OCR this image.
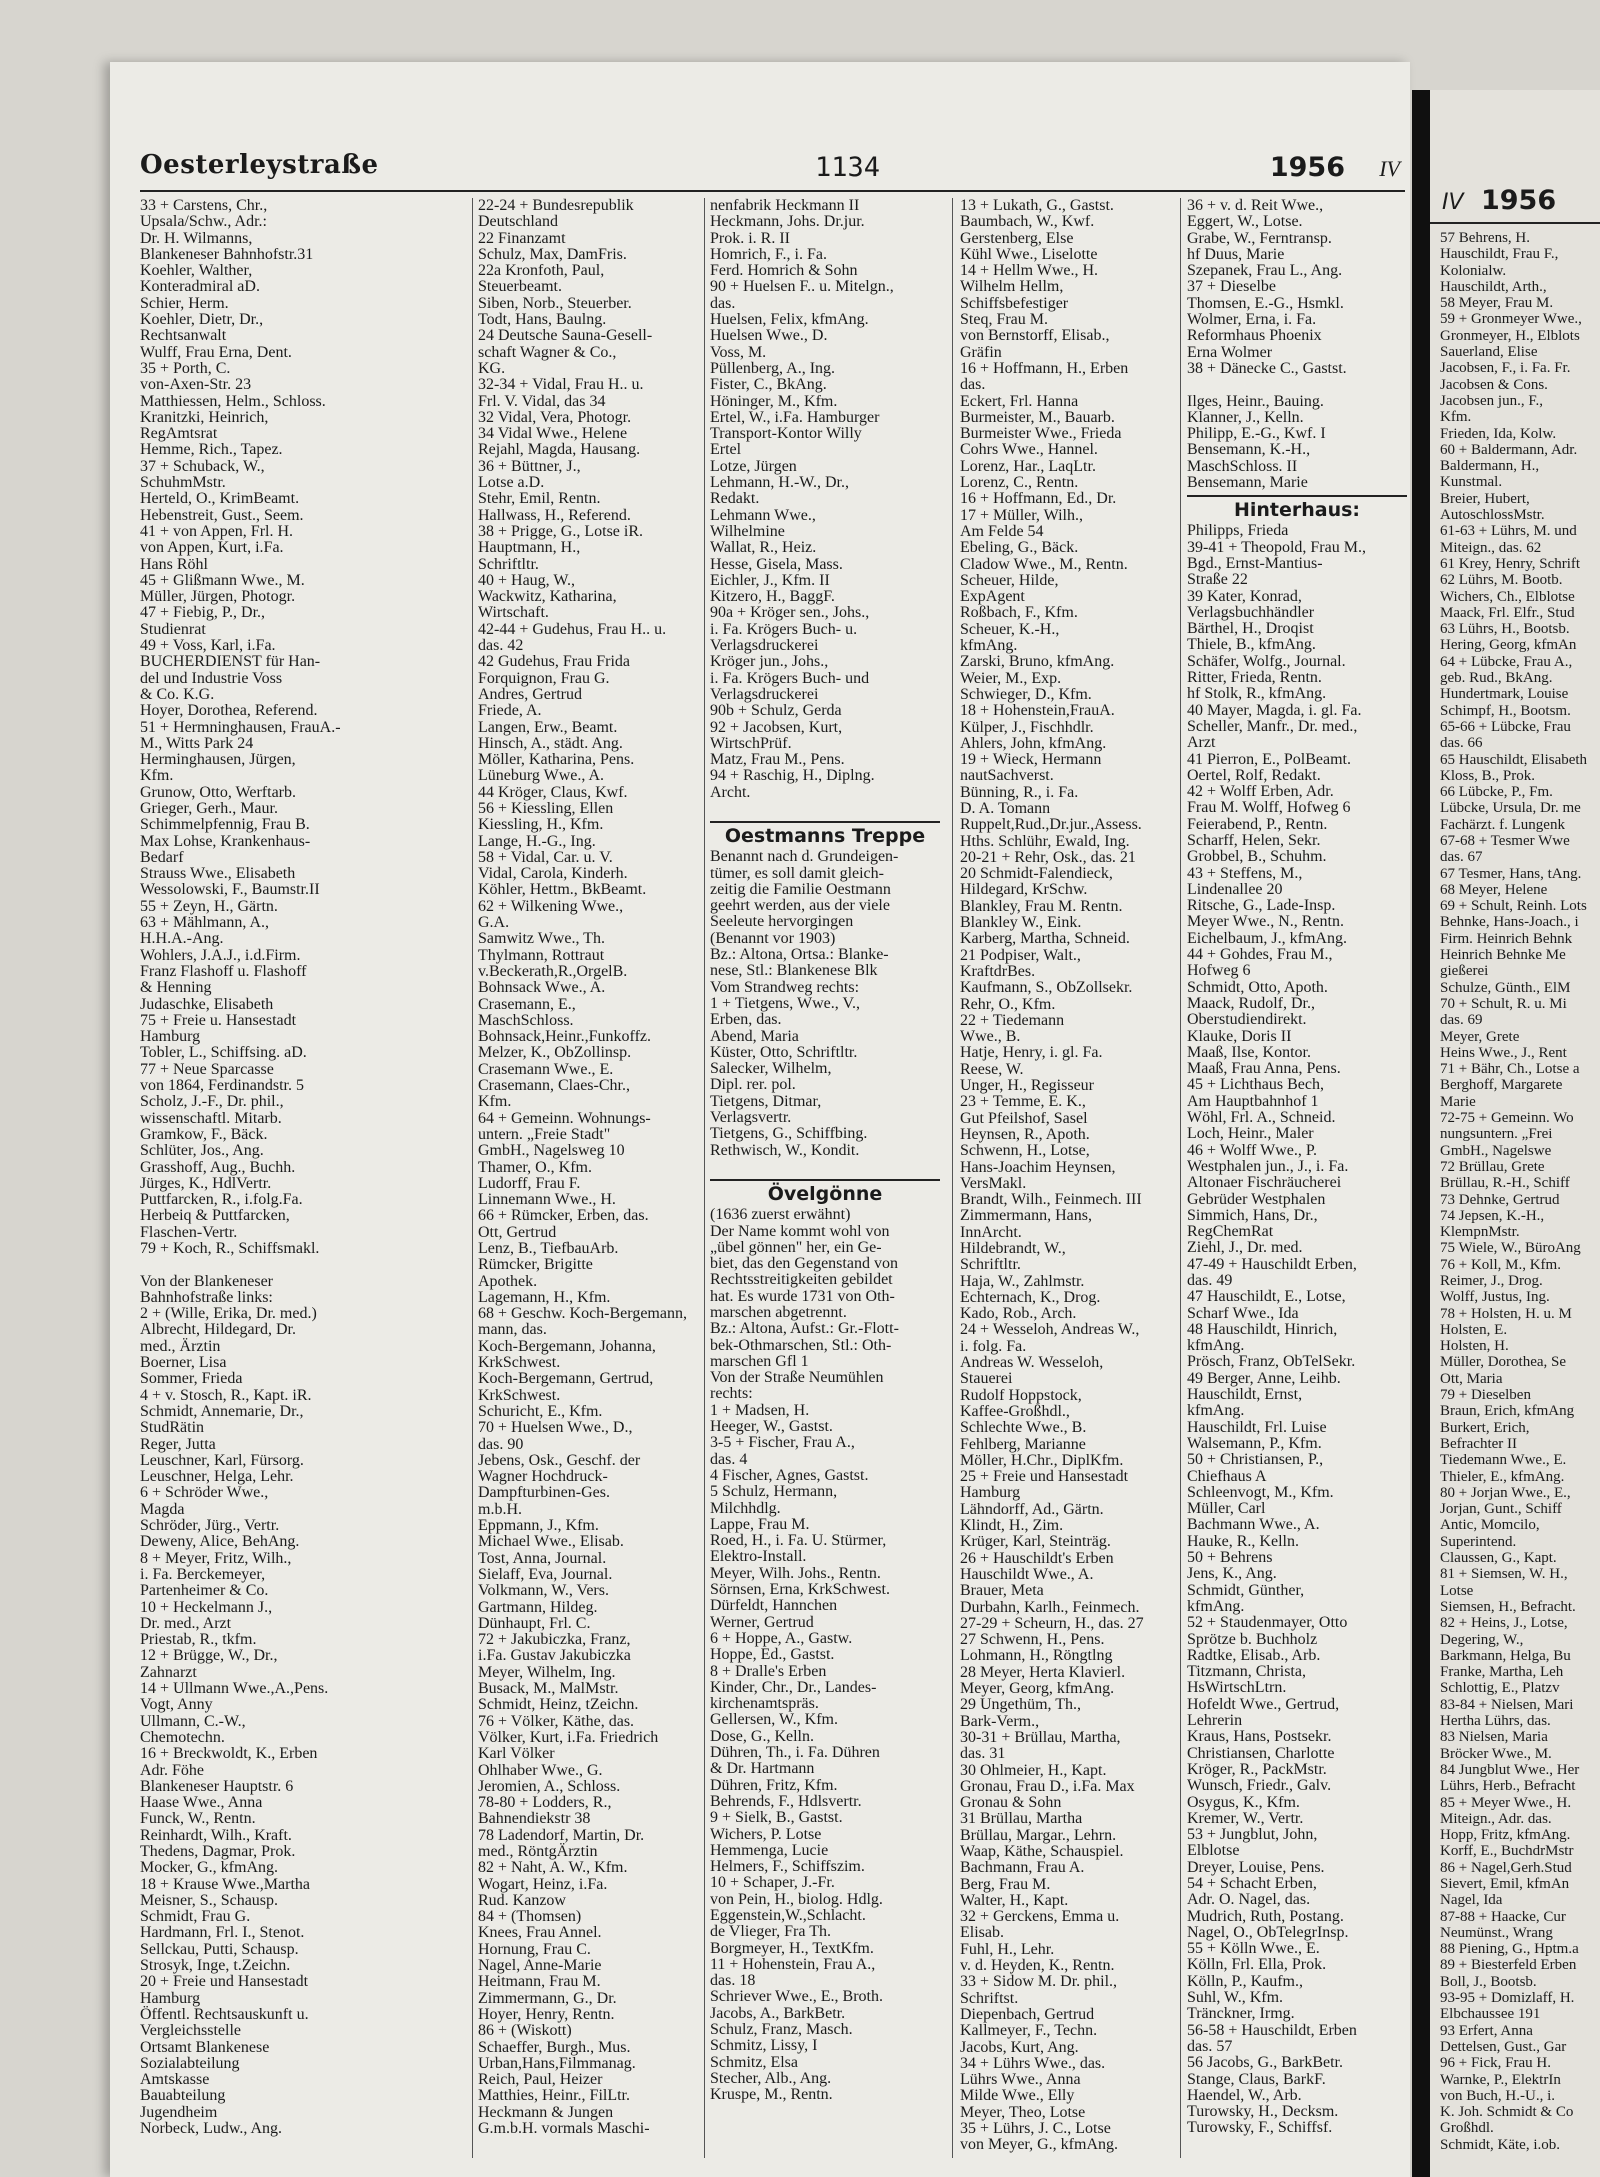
IV 1956
57 Behrens, H.
Hauschildt, Frau F.,
Kolonialw.
Hauschildt, Arth.,
58 Meyer, Frau M.
59 + Gronmeyer Wwe.,
Gronmeyer, H., Elblots
Sauerland, Elise
Jacobsen, F., i. Fa. Fr.
Jacobsen & Cons.
Jacobsen jun., F.,
Kfm.
Frieden, Ida, Kolw.
60 + Baldermann, Adr.
Baldermann, H.,
Kunstmal.
Breier, Hubert,
AutoschlossMstr.
61-63 + Lührs, M. und
Miteign., das. 62
61 Krey, Henry, Schrift
62 Lührs, M. Bootb.
Wichers, Ch., Elblotse
Maack, Frl. Elfr., Stud
63 Lührs, H., Bootsb.
Hering, Georg, kfmAn
64 + Lübcke, Frau A.,
geb. Rud., BkAng.
Hundertmark, Louise
Schimpf, H., Bootsm.
65-66 + Lübcke, Frau
das. 66
65 Hauschildt, Elisabeth
Kloss, B., Prok.
66 Lübcke, P., Fm.
Lübcke, Ursula, Dr. me
Fachärzt. f. Lungenk
67-68 + Tesmer Wwe
das. 67
67 Tesmer, Hans, tAng.
68 Meyer, Helene
69 + Schult, Reinh. Lots
Behnke, Hans-Joach., i
Firm. Heinrich Behnk
Heinrich Behnke Me
gießerei
Schulze, Günth., ElM
70 + Schult, R. u. Mi
das. 69
Meyer, Grete
Heins Wwe., J., Rent
71 + Bähr, Ch., Lotse a
Berghoff, Margarete
Marie
72-75 + Gemeinn. Wo
nungsuntern. „Frei
GmbH., Nagelswe
72 Brüllau, Grete
Brüllau, R.-H., Schiff
73 Dehnke, Gertrud
74 Jepsen, K.-H.,
KlempnMstr.
75 Wiele, W., BüroAng
76 + Koll, M., Kfm.
Reimer, J., Drog.
Wolff, Justus, Ing.
78 + Holsten, H. u. M
Holsten, E.
Holsten, H.
Müller, Dorothea, Se
Ott, Maria
79 + Dieselben
Braun, Erich, kfmAng
Burkert, Erich,
Befrachter II
Tiedemann Wwe., E.
Thieler, E., kfmAng.
80 + Jorjan Wwe., E.,
Jorjan, Gunt., Schiff
Antic, Momcilo,
Superintend.
Claussen, G., Kapt.
81 + Siemsen, W. H.,
Lotse
Siemsen, H., Befracht.
82 + Heins, J., Lotse,
Degering, W.,
Barkmann, Helga, Bu
Franke, Martha, Leh
Schlottig, E., Platzv
83-84 + Nielsen, Mari
Hertha Lührs, das.
83 Nielsen, Maria
Bröcker Wwe., M.
84 Jungblut Wwe., Her
Lührs, Herb., Befracht
85 + Meyer Wwe., H.
Miteign., Adr. das.
Hopp, Fritz, kfmAng.
Korff, E., BuchdrMstr
86 + Nagel,Gerh.Stud
Sievert, Emil, kfmAn
Nagel, Ida
87-88 + Haacke, Cur
Neumünst., Wrang
88 Piening, G., Hptm.a
89 + Biesterfeld Erben
Boll, J., Bootsb.
93-95 + Domizlaff, H.
Elbchaussee 191
93 Erfert, Anna
Dettelsen, Gust., Gar
96 + Fick, Frau H.
Warnke, P., ElektrIn
von Buch, H.-U., i.
K. Joh. Schmidt & Co
Großhdl.
Schmidt, Käte, i.ob.
Oesterleystraße	1134	1956 IV
33 + Carstens, Chr.,
Upsala/Schw., Adr.:
Dr. H. Wilmanns,
Blankeneser Bahnhofstr.31
Koehler, Walther,
Konteradmiral aD.
Schier, Herm.
Koehler, Dietr, Dr.,
Rechtsanwalt
Wulff, Frau Erna, Dent.
35 + Porth, C.
von-Axen-Str. 23
Matthiessen, Helm., Schloss.
Kranitzki, Heinrich,
RegAmtsrat
Hemme, Rich., Tapez.
37 + Schuback, W.,
SchuhmMstr.
Herteld, O., KrimBeamt.
Hebenstreit, Gust., Seem.
41 + von Appen, Frl. H.
von Appen, Kurt, i.Fa.
Hans Röhl
45 + Glißmann Wwe., M.
Müller, Jürgen, Photogr.
47 + Fiebig, P., Dr.,
Studienrat
49 + Voss, Karl, i.Fa.
BUCHERDIENST für Han-
del und Industrie Voss
& Co. K.G.
Hoyer, Dorothea, Referend.
51 + Hermninghausen, FrauA.-
M., Witts Park 24
Herminghausen, Jürgen,
Kfm.
Grunow, Otto, Werftarb.
Grieger, Gerh., Maur.
Schimmelpfennig, Frau B.
Max Lohse, Krankenhaus-
Bedarf
Strauss Wwe., Elisabeth
Wessolowski, F., Baumstr.II
55 + Zeyn, H., Gärtn.
63 + Mählmann, A.,
H.H.A.-Ang.
Wohlers, J.A.J., i.d.Firm.
Franz Flashoff u. Flashoff
& Henning
Judaschke, Elisabeth
75 + Freie u. Hansestadt
Hamburg
Tobler, L., Schiffsing. aD.
77 + Neue Sparcasse
von 1864, Ferdinandstr. 5
Scholz, J.-F., Dr. phil.,
wissenschaftl. Mitarb.
Gramkow, F., Bäck.
Schlüter, Jos., Ang.
Grasshoff, Aug., Buchh.
Jürges, K., HdlVertr.
Puttfarcken, R., i.folg.Fa.
Herbeiq & Puttfarcken,
Flaschen-Vertr.
79 + Koch, R., Schiffsmakl.

Von der Blankeneser
Bahnhofstraße links:
2 + (Wille, Erika, Dr. med.)
Albrecht, Hildegard, Dr.
med., Ärztin
Boerner, Lisa
Sommer, Frieda
4 + v. Stosch, R., Kapt. iR.
Schmidt, Annemarie, Dr.,
StudRätin
Reger, Jutta
Leuschner, Karl, Fürsorg.
Leuschner, Helga, Lehr.
6 + Schröder Wwe.,
Magda
Schröder, Jürg., Vertr.
Deweny, Alice, BehAng.
8 + Meyer, Fritz, Wilh.,
i. Fa. Berckemeyer,
Partenheimer & Co.
10 + Heckelmann J.,
Dr. med., Arzt
Priestab, R., tkfm.
12 + Brügge, W., Dr.,
Zahnarzt
14 + Ullmann Wwe.,A.,Pens.
Vogt, Anny
Ullmann, C.-W.,
Chemotechn.
16 + Breckwoldt, K., Erben
Adr. Föhe
Blankeneser Hauptstr. 6
Haase Wwe., Anna
Funck, W., Rentn.
Reinhardt, Wilh., Kraft.
Thedens, Dagmar, Prok.
Mocker, G., kfmAng.
18 + Krause Wwe.,Martha
Meisner, S., Schausp.
Schmidt, Frau G.
Hardmann, Frl. I., Stenot.
Sellckau, Putti, Schausp.
Strosyk, Inge, t.Zeichn.
20 + Freie und Hansestadt
Hamburg
Öffentl. Rechtsauskunft u.
Vergleichsstelle
Ortsamt Blankenese
Sozialabteilung
Amtskasse
Bauabteilung
Jugendheim
Norbeck, Ludw., Ang.
22-24 + Bundesrepublik
Deutschland
22 Finanzamt
Schulz, Max, DamFris.
22a Kronfoth, Paul,
Steuerbeamt.
Siben, Norb., Steuerber.
Todt, Hans, Baulng.
24 Deutsche Sauna-Gesell-
schaft Wagner & Co.,
KG.
32-34 + Vidal, Frau H.. u.
Frl. V. Vidal, das 34
32 Vidal, Vera, Photogr.
34 Vidal Wwe., Helene
Rejahl, Magda, Hausang.
36 + Büttner, J.,
Lotse a.D.
Stehr, Emil, Rentn.
Hallwass, H., Referend.
38 + Prigge, G., Lotse iR.
Hauptmann, H.,
Schriftltr.
40 + Haug, W.,
Wackwitz, Katharina,
Wirtschaft.
42-44 + Gudehus, Frau H.. u.
das. 42
42 Gudehus, Frau Frida
Forquignon, Frau G.
Andres, Gertrud
Friede, A.
Langen, Erw., Beamt.
Hinsch, A., städt. Ang.
Möller, Katharina, Pens.
Lüneburg Wwe., A.
44 Kröger, Claus, Kwf.
56 + Kiessling, Ellen
Kiessling, H., Kfm.
Lange, H.-G., Ing.
58 + Vidal, Car. u. V.
Vidal, Carola, Kinderh.
Köhler, Hettm., BkBeamt.
62 + Wilkening Wwe.,
G.A.
Samwitz Wwe., Th.
Thylmann, Rottraut
v.Beckerath,R.,OrgelB.
Bohnsack Wwe., A.
Crasemann, E.,
MaschSchloss.
Bohnsack,Heinr.,Funkoffz.
Melzer, K., ObZollinsp.
Crasemann Wwe., E.
Crasemann, Claes-Chr.,
Kfm.
64 + Gemeinn. Wohnungs-
untern. „Freie Stadt"
GmbH., Nagelsweg 10
Thamer, O., Kfm.
Ludorff, Frau F.
Linnemann Wwe., H.
66 + Rümcker, Erben, das.
Ott, Gertrud
Lenz, B., TiefbauArb.
Rümcker, Brigitte
Apothek.
Lagemann, H., Kfm.
68 + Geschw. Koch-Bergemann,
mann, das.
Koch-Bergemann, Johanna,
KrkSchwest.
Koch-Bergemann, Gertrud,
KrkSchwest.
Schuricht, E., Kfm.
70 + Huelsen Wwe., D.,
das. 90
Jebens, Osk., Geschf. der
Wagner Hochdruck-
Dampfturbinen-Ges.
m.b.H.
Eppmann, J., Kfm.
Michael Wwe., Elisab.
Tost, Anna, Journal.
Sielaff, Eva, Journal.
Volkmann, W., Vers.
Gartmann, Hildeg.
Dünhaupt, Frl. C.
72 + Jakubiczka, Franz,
i.Fa. Gustav Jakubiczka
Meyer, Wilhelm, Ing.
Busack, M., MalMstr.
Schmidt, Heinz, tZeichn.
76 + Völker, Käthe, das.
Völker, Kurt, i.Fa. Friedrich
Karl Völker
Ohlhaber Wwe., G.
Jeromien, A., Schloss.
78-80 + Lodders, R.,
Bahnendiekstr 38
78 Ladendorf, Martin, Dr.
med., RöntgÄrztin
82 + Naht, A. W., Kfm.
Wogart, Heinz, i.Fa.
Rud. Kanzow
84 + (Thomsen)
Knees, Frau Annel.
Hornung, Frau C.
Nagel, Anne-Marie
Heitmann, Frau M.
Zimmermann, G., Dr.
Hoyer, Henry, Rentn.
86 + (Wiskott)
Schaeffer, Burgh., Mus.
Urban,Hans,Filmmanag.
Reich, Paul, Heizer
Matthies, Heinr., FilLtr.
Heckmann & Jungen
G.m.b.H. vormals Maschi-
nenfabrik Heckmann II
Heckmann, Johs. Dr.jur.
Prok. i. R. II
Homrich, F., i. Fa.
Ferd. Homrich & Sohn
90 + Huelsen F.. u. Mitelgn.,
das.
Huelsen, Felix, kfmAng.
Huelsen Wwe., D.
Voss, M.
Püllenberg, A., Ing.
Fister, C., BkAng.
Höninger, M., Kfm.
Ertel, W., i.Fa. Hamburger
Transport-Kontor Willy
Ertel
Lotze, Jürgen
Lehmann, H.-W., Dr.,
Redakt.
Lehmann Wwe.,
Wilhelmine
Wallat, R., Heiz.
Hesse, Gisela, Mass.
Eichler, J., Kfm. II
Kitzero, H., BaggF.
90a + Kröger sen., Johs.,
i. Fa. Krögers Buch- u.
Verlagsdruckerei
Kröger jun., Johs.,
i. Fa. Krögers Buch- und
Verlagsdruckerei
90b + Schulz, Gerda
92 + Jacobsen, Kurt,
WirtschPrüf.
Matz, Frau M., Pens.
94 + Raschig, H., Diplng.
Archt.

Oestmanns Treppe
Benannt nach d. Grundeigen-
tümer, es soll damit gleich-
zeitig die Familie Oestmann
geehrt werden, aus der viele
Seeleute hervorgingen
(Benannt vor 1903)
Bz.: Altona, Ortsa.: Blanke-
nese, Stl.: Blankenese Blk
Vom Strandweg rechts:
1 + Tietgens, Wwe., V.,
Erben, das.
Abend, Maria
Küster, Otto, Schriftltr.
Salecker, Wilhelm,
Dipl. rer. pol.
Tietgens, Ditmar,
Verlagsvertr.
Tietgens, G., Schiffbing.
Rethwisch, W., Kondit.

Övelgönne
(1636 zuerst erwähnt)
Der Name kommt wohl von
„übel gönnen" her, ein Ge-
biet, das den Gegenstand von
Rechtsstreitigkeiten gebildet
hat. Es wurde 1731 von Oth-
marschen abgetrennt.
Bz.: Altona, Aufst.: Gr.-Flott-
bek-Othmarschen, Stl.: Oth-
marschen Gfl 1
Von der Straße Neumühlen
rechts:
1 + Madsen, H.
Heeger, W., Gastst.
3-5 + Fischer, Frau A.,
das. 4
4 Fischer, Agnes, Gastst.
5 Schulz, Hermann,
Milchhdlg.
Lappe, Frau M.
Roed, H., i. Fa. U. Stürmer,
Elektro-Install.
Meyer, Wilh. Johs., Rentn.
Sörnsen, Erna, KrkSchwest.
Dürfeldt, Hannchen
Werner, Gertrud
6 + Hoppe, A., Gastw.
Hoppe, Ed., Gastst.
8 + Dralle's Erben
Kinder, Chr., Dr., Landes-
kirchenamtspräs.
Gellersen, W., Kfm.
Dose, G., Kelln.
Dühren, Th., i. Fa. Dühren
& Dr. Hartmann
Dühren, Fritz, Kfm.
Behrends, F., Hdlsvertr.
9 + Sielk, B., Gastst.
Wichers, P. Lotse
Hemmenga, Lucie
Helmers, F., Schiffszim.
10 + Schaper, J.-Fr.
von Pein, H., biolog. Hdlg.
Eggenstein,W.,Schlacht.
de Vlieger, Fra Th.
Borgmeyer, H., TextKfm.
11 + Hohenstein, Frau A.,
das. 18
Schriever Wwe., E., Broth.
Jacobs, A., BarkBetr.
Schulz, Franz, Masch.
Schmitz, Lissy, I
Schmitz, Elsa
Stecher, Alb., Ang.
Kruspe, M., Rentn.
13 + Lukath, G., Gastst.
Baumbach, W., Kwf.
Gerstenberg, Else
Kühl Wwe., Liselotte
14 + Hellm Wwe., H.
Wilhelm Hellm,
Schiffsbefestiger
Steq, Frau M.
von Bernstorff, Elisab.,
Gräfin
16 + Hoffmann, H., Erben
das.
Eckert, Frl. Hanna
Burmeister, M., Bauarb.
Burmeister Wwe., Frieda
Cohrs Wwe., Hannel.
Lorenz, Har., LaqLtr.
Lorenz, C., Rentn.
16 + Hoffmann, Ed., Dr.
17 + Müller, Wilh.,
Am Felde 54
Ebeling, G., Bäck.
Cladow Wwe., M., Rentn.
Scheuer, Hilde,
ExpAgent
Roßbach, F., Kfm.
Scheuer, K.-H.,
kfmAng.
Zarski, Bruno, kfmAng.
Weier, M., Exp.
Schwieger, D., Kfm.
18 + Hohenstein,FrauA.
Külper, J., Fischhdlr.
Ahlers, John, kfmAng.
19 + Wieck, Hermann
nautSachverst.
Bünning, R., i. Fa.
D. A. Tomann
Ruppelt,Rud.,Dr.jur.,Assess.
Hths. Schlühr, Ewald, Ing.
20-21 + Rehr, Osk., das. 21
20 Schmidt-Falendieck,
Hildegard, KrSchw.
Blankley, Frau M. Rentn.
Blankley W., Eink.
Karberg, Martha, Schneid.
21 Podpiser, Walt.,
KraftdrBes.
Kaufmann, S., ObZollsekr.
Rehr, O., Kfm.
22 + Tiedemann
Wwe., B.
Hatje, Henry, i. gl. Fa.
Reese, W.
Unger, H., Regisseur
23 + Temme, E. K.,
Gut Pfeilshof, Sasel
Heynsen, R., Apoth.
Schwenn, H., Lotse,
Hans-Joachim Heynsen,
VersMakl.
Brandt, Wilh., Feinmech. III
Zimmermann, Hans,
InnArcht.
Hildebrandt, W.,
Schriftltr.
Haja, W., Zahlmstr.
Echternach, K., Drog.
Kado, Rob., Arch.
24 + Wesseloh, Andreas W.,
i. folg. Fa.
Andreas W. Wesseloh,
Stauerei
Rudolf Hoppstock,
Kaffee-Großhdl.,
Schlechte Wwe., B.
Fehlberg, Marianne
Möller, H.Chr., DiplKfm.
25 + Freie und Hansestadt
Hamburg
Lähndorff, Ad., Gärtn.
Klindt, H., Zim.
Krüger, Karl, Steinträg.
26 + Hauschildt's Erben
Hauschildt Wwe., A.
Brauer, Meta
Durbahn, Karlh., Feinmech.
27-29 + Scheurn, H., das. 27
27 Schwenn, H., Pens.
Lohmann, H., Röngtlng
28 Meyer, Herta Klavierl.
Meyer, Georg, kfmAng.
29 Ungethüm, Th.,
Bark-Verm.,
30-31 + Brüllau, Martha,
das. 31
30 Ohlmeier, H., Kapt.
Gronau, Frau D., i.Fa. Max
Gronau & Sohn
31 Brüllau, Martha
Brüllau, Margar., Lehrn.
Waap, Käthe, Schauspiel.
Bachmann, Frau A.
Berg, Frau M.
Walter, H., Kapt.
32 + Gerckens, Emma u.
Elisab.
Fuhl, H., Lehr.
v. d. Heyden, K., Rentn.
33 + Sidow M. Dr. phil.,
Schriftst.
Diepenbach, Gertrud
Kallmeyer, F., Techn.
Jacobs, Kurt, Ang.
34 + Lührs Wwe., das.
Lührs Wwe., Anna
Milde Wwe., Elly
Meyer, Theo, Lotse
35 + Lührs, J. C., Lotse
von Meyer, G., kfmAng.
36 + v. d. Reit Wwe.,
Eggert, W., Lotse.
Grabe, W., Ferntransp.
hf Duus, Marie
Szepanek, Frau L., Ang.
37 + Dieselbe
Thomsen, E.-G., Hsmkl.
Wolmer, Erna, i. Fa.
Reformhaus Phoenix
Erna Wolmer
38 + Dänecke C., Gastst.

Ilges, Heinr., Bauing.
Klanner, J., Kelln.
Philipp, E.-G., Kwf. I
Bensemann, K.-H.,
MaschSchloss. II
Bensemann, Marie
Hinterhaus:
Philipps, Frieda
39-41 + Theopold, Frau M.,
Bgd., Ernst-Mantius-
Straße 22
39 Kater, Konrad,
Verlagsbuchhändler
Bärthel, H., Droqist
Thiele, B., kfmAng.
Schäfer, Wolfg., Journal.
Ritter, Frieda, Rentn.
hf Stolk, R., kfmAng.
40 Mayer, Magda, i. gl. Fa.
Scheller, Manfr., Dr. med.,
Arzt
41 Pierron, E., PolBeamt.
Oertel, Rolf, Redakt.
42 + Wolff Erben, Adr.
Frau M. Wolff, Hofweg 6
Feierabend, P., Rentn.
Scharff, Helen, Sekr.
Grobbel, B., Schuhm.
43 + Steffens, M.,
Lindenallee 20
Ritsche, G., Lade-Insp.
Meyer Wwe., N., Rentn.
Eichelbaum, J., kfmAng.
44 + Gohdes, Frau M.,
Hofweg 6
Schmidt, Otto, Apoth.
Maack, Rudolf, Dr.,
Oberstudiendirekt.
Klauke, Doris II
Maaß, Ilse, Kontor.
Maaß, Frau Anna, Pens.
45 + Lichthaus Bech,
Am Hauptbahnhof 1
Wöhl, Frl. A., Schneid.
Loch, Heinr., Maler
46 + Wolff Wwe., P.
Westphalen jun., J., i. Fa.
Altonaer Fischräucherei
Gebrüder Westphalen
Simmich, Hans, Dr.,
RegChemRat
Ziehl, J., Dr. med.
47-49 + Hauschildt Erben,
das. 49
47 Hauschildt, E., Lotse,
Scharf Wwe., Ida
48 Hauschildt, Hinrich,
kfmAng.
Prösch, Franz, ObTelSekr.
49 Berger, Anne, Leihb.
Hauschildt, Ernst,
kfmAng.
Hauschildt, Frl. Luise
Walsemann, P., Kfm.
50 + Christiansen, P.,
Chiefhaus A
Schleenvogt, M., Kfm.
Müller, Carl
Bachmann Wwe., A.
Hauke, R., Kelln.
50 + Behrens
Jens, K., Ang.
Schmidt, Günther,
kfmAng.
52 + Staudenmayer, Otto
Sprötze b. Buchholz
Radtke, Elisab., Arb.
Titzmann, Christa,
HsWirtschLtrn.
Hofeldt Wwe., Gertrud,
Lehrerin
Kraus, Hans, Postsekr.
Christiansen, Charlotte
Kröger, R., PackMstr.
Wunsch, Friedr., Galv.
Osygus, K., Kfm.
Kremer, W., Vertr.
53 + Jungblut, John,
Elblotse
Dreyer, Louise, Pens.
54 + Schacht Erben,
Adr. O. Nagel, das.
Mudrich, Ruth, Postang.
Nagel, O., ObTelegrInsp.
55 + Kölln Wwe., E.
Kölln, Frl. Ella, Prok.
Kölln, P., Kaufm.,
Suhl, W., Kfm.
Tränckner, Irmg.
56-58 + Hauschildt, Erben
das. 57
56 Jacobs, G., BarkBetr.
Stange, Claus, BarkF.
Haendel, W., Arb.
Turowsky, H., Decksm.
Turowsky, F., Schiffsf.
